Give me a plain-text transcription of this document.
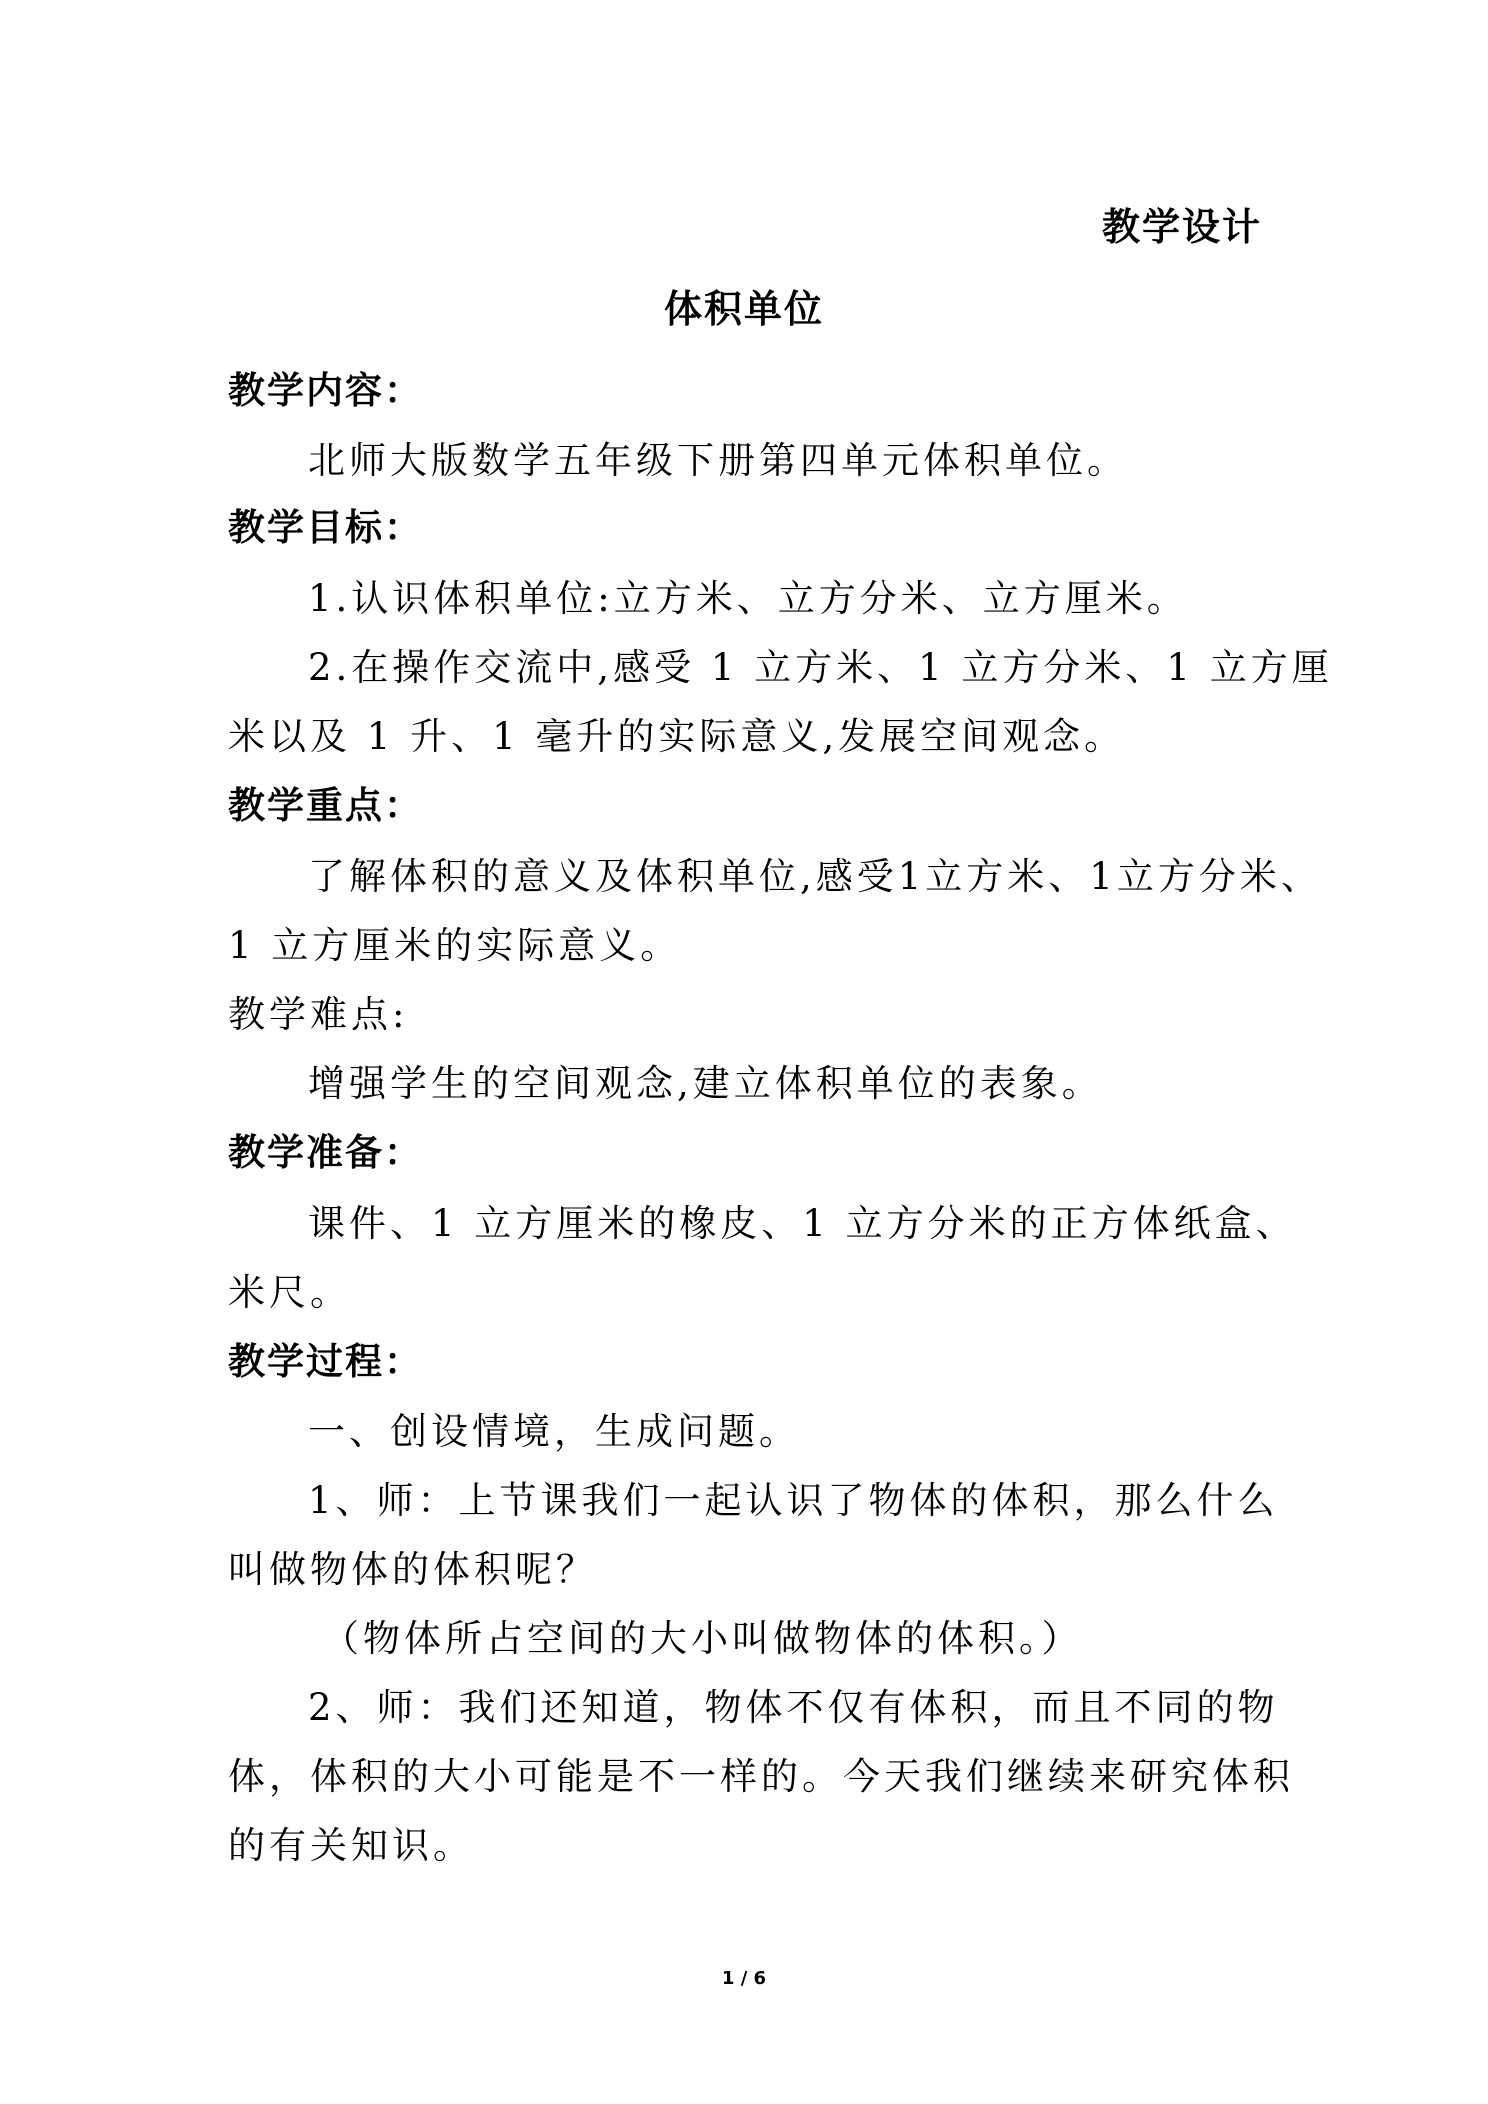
教学设计
体积单位
教学内容：
北师大版数学五年级下册第四单元体积单位。
教学目标：
1.认识体积单位:立方米、立方分米、立方厘米。
2.在操作交流中,感受 1 立方米、1 立方分米、1 立方厘
米以及 1 升、1 毫升的实际意义,发展空间观念。
教学重点：
了解体积的意义及体积单位,感受1立方米、1立方分米、
1 立方厘米的实际意义。
教学难点:
增强学生的空间观念,建立体积单位的表象。
教学准备：
课件、1 立方厘米的橡皮、1 立方分米的正方体纸盒、
米尺。
教学过程：
一、创设情境，生成问题。
1、师：上节课我们一起认识了物体的体积，那么什么
叫做物体的体积呢？
（物体所占空间的大小叫做物体的体积。）
2、师：我们还知道，物体不仅有体积，而且不同的物
体，体积的大小可能是不一样的。今天我们继续来研究体积
的有关知识。
1 / 6
